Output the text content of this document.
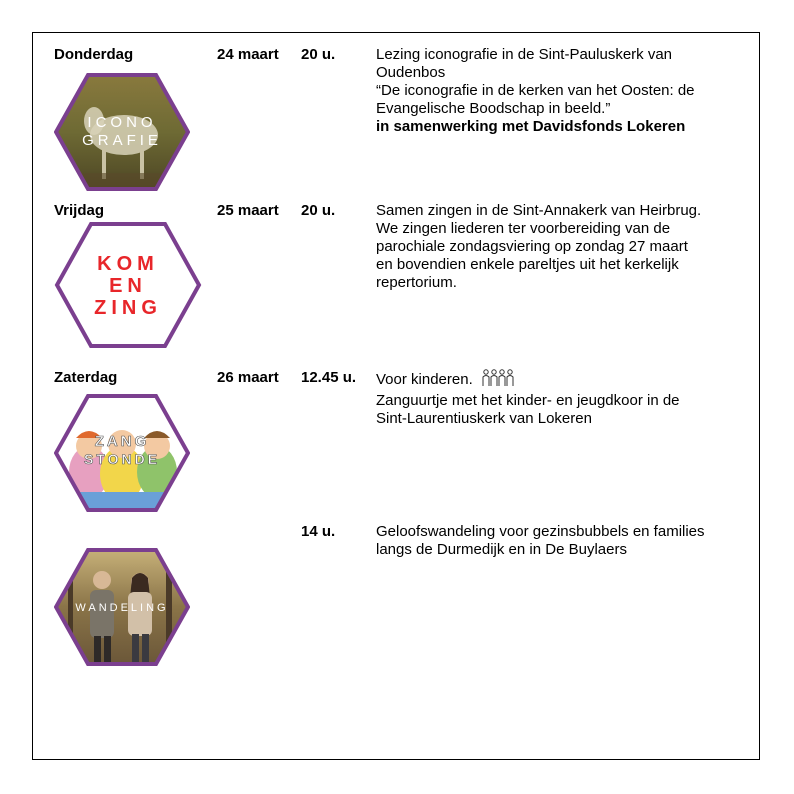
Donderdag	24 maart 20 u.	Lezing iconografie in de Sint-Pauluskerk van Oudenbos
“De iconografie in de kerken van het Oosten: de Evangelische Boodschap in beeld.”
in samenwerking met Davidsfonds Lokeren
ICONO
GRAFIE
Vrijdag	25 maart 20 u.	Samen zingen in de Sint-Annakerk van Heirbrug.
We zingen liederen ter voorbereiding van de parochiale zondagsviering op zondag 27 maart en bovendien enkele pareltjes uit het kerkelijk repertorium.
KOM
EN
ZING
Zaterdag	26 maart 12.45 u. Voor kinderen.
Zanguurtje met het kinder- en jeugdkoor in de Sint-Laurentiuskerk van Lokeren
ZANG
STONDE
14 u.	Geloofswandeling voor gezinsbubbels en families langs de Durmedijk en in De Buylaers
WANDELING
